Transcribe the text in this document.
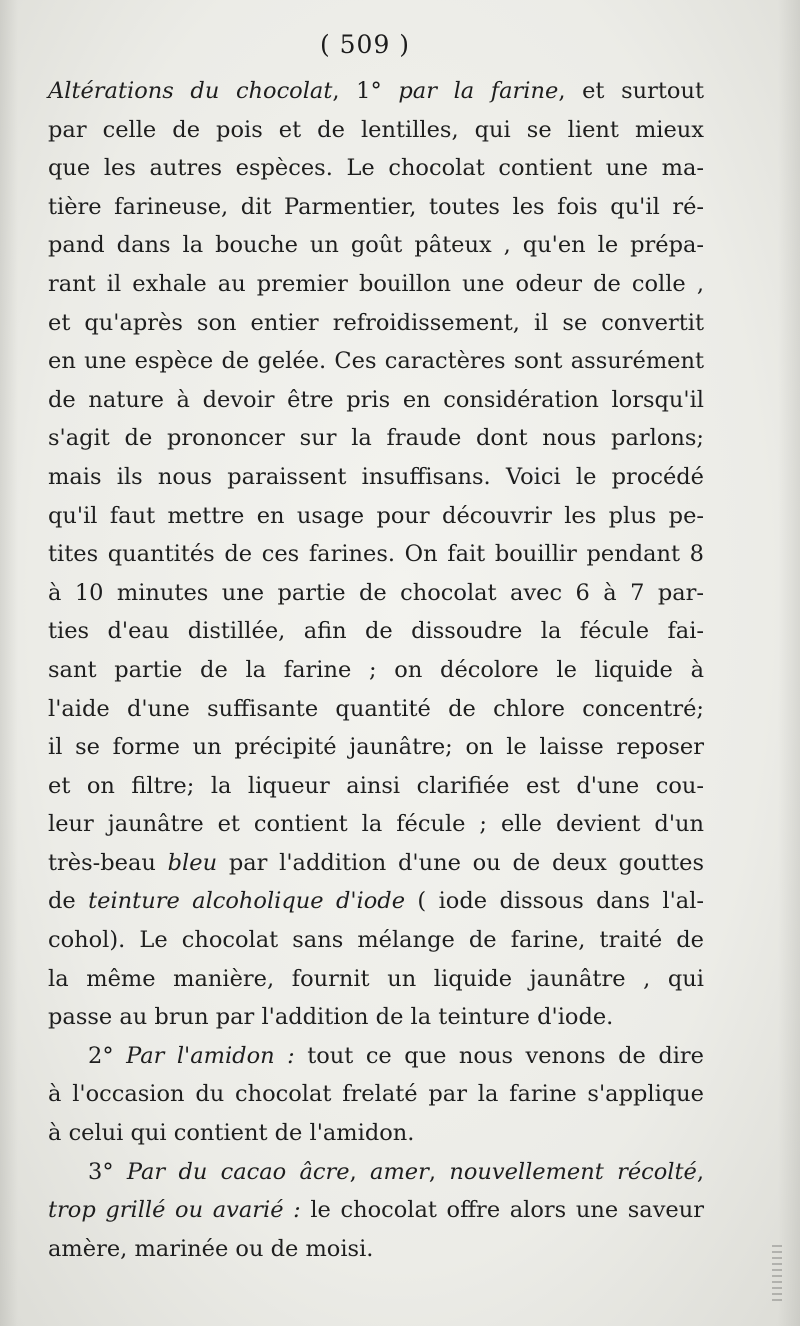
( 509 )
Altérations du chocolat, 1° par la farine, et surtout
par celle de pois et de lentilles, qui se lient mieux
que les autres espèces. Le chocolat contient une ma-
tière farineuse, dit Parmentier, toutes les fois qu'il ré-
pand dans la bouche un goût pâteux , qu'en le prépa-
rant il exhale au premier bouillon une odeur de colle ,
et qu'après son entier refroidissement, il se convertit
en une espèce de gelée. Ces caractères sont assurément
de nature à devoir être pris en considération lorsqu'il
s'agit de prononcer sur la fraude dont nous parlons;
mais ils nous paraissent insuffisans. Voici le procédé
qu'il faut mettre en usage pour découvrir les plus pe-
tites quantités de ces farines. On fait bouillir pendant 8
à 10 minutes une partie de chocolat avec 6 à 7 par-
ties d'eau distillée, afin de dissoudre la fécule fai-
sant partie de la farine ; on décolore le liquide à
l'aide d'une suffisante quantité de chlore concentré;
il se forme un précipité jaunâtre; on le laisse reposer
et on filtre; la liqueur ainsi clarifiée est d'une cou-
leur jaunâtre et contient la fécule ; elle devient d'un
très-beau bleu par l'addition d'une ou de deux gouttes
de teinture alcoholique d'iode ( iode dissous dans l'al-
cohol). Le chocolat sans mélange de farine, traité de
la même manière, fournit un liquide jaunâtre , qui
passe au brun par l'addition de la teinture d'iode.
2° Par l'amidon : tout ce que nous venons de dire
à l'occasion du chocolat frelaté par la farine s'applique
à celui qui contient de l'amidon.
3° Par du cacao âcre, amer, nouvellement récolté,
trop grillé ou avarié : le chocolat offre alors une saveur
amère, marinée ou de moisi.
